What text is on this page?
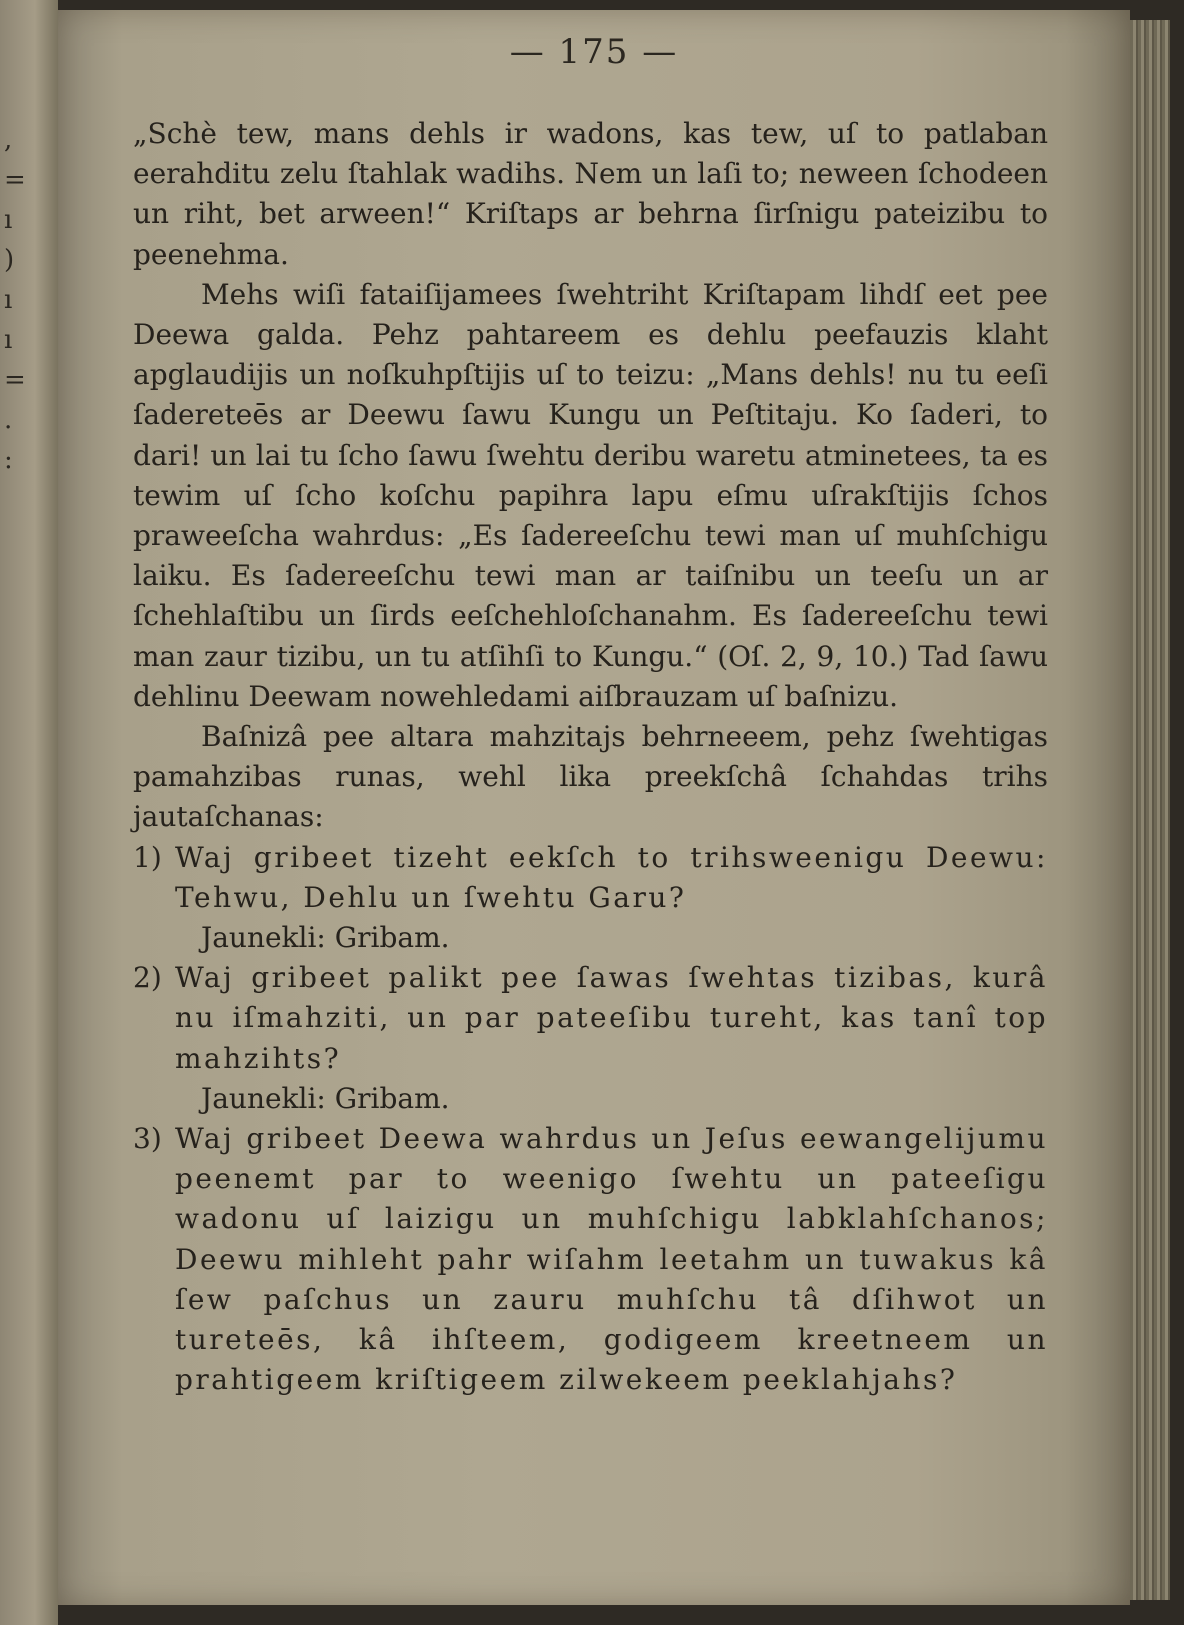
,
=
ı
)
ı
ı
=
.
:
— 175 —

„Schè tew, mans dehls ir wadons, kas tew, uſ to patlaban eerahditu zelu ſtahlak wadihs. Nem un laſi to; neween ſchodeen un riht, bet arween!“ Kriſtaps ar behrna ſirſnigu pateizibu to peenehma.

Mehs wiſi fataiſijamees ſwehtriht Kriſtapam lihdſ eet pee Deewa galda. Pehz pahtareem es dehlu peefauzis klaht apglaudijis un noſkuhpſtijis uſ to teizu: „Mans dehls! nu tu eeſi ſadereteēs ar Deewu ſawu Kungu un Peſtitaju. Ko ſaderi, to dari! un lai tu ſcho ſawu ſwehtu deribu waretu atminetees, ta es tewim uſ ſcho koſchu papihra lapu eſmu uſrakſtijis ſchos praweeſcha wahrdus: „Es ſadereeſchu tewi man uſ muhſchigu laiku. Es ſadereeſchu tewi man ar taiſnibu un teeſu un ar ſchehlaſtibu un ſirds eeſchehloſchanahm. Es ſadereeſchu tewi man zaur tizibu, un tu atſihſi to Kungu.“ (Oſ. 2, 9, 10.) Tad ſawu dehlinu Deewam nowehledami aiſbrauzam uſ baſnizu.

Baſnizâ pee altara mahzitajs behrneeem, pehz ſwehtigas pamahzibas runas, wehl lika preekſchâ ſchahdas trihs jautaſchanas:

1) Waj gribeet tizeht eekſch to trihsweenigu Deewu: Tehwu, Dehlu un ſwehtu Garu?

Jaunekli: Gribam.

2) Waj gribeet palikt pee ſawas ſwehtas tizibas, kurâ nu iſmahziti, un par pateeſibu tureht, kas tanî top mahzihts?

Jaunekli: Gribam.

3) Waj gribeet Deewa wahrdus un Jeſus eewangelijumu peenemt par to weenigo ſwehtu un pateeſigu wadonu uſ laizigu un muhſchigu labklahſchanos; Deewu mihleht pahr wiſahm leetahm un tuwakus kâ ſew paſchus un zauru muhſchu tâ dſihwot un tureteēs, kâ ihſteem, godigeem kreetneem un prahtigeem kriſtigeem zilwekeem peeklahjahs?
